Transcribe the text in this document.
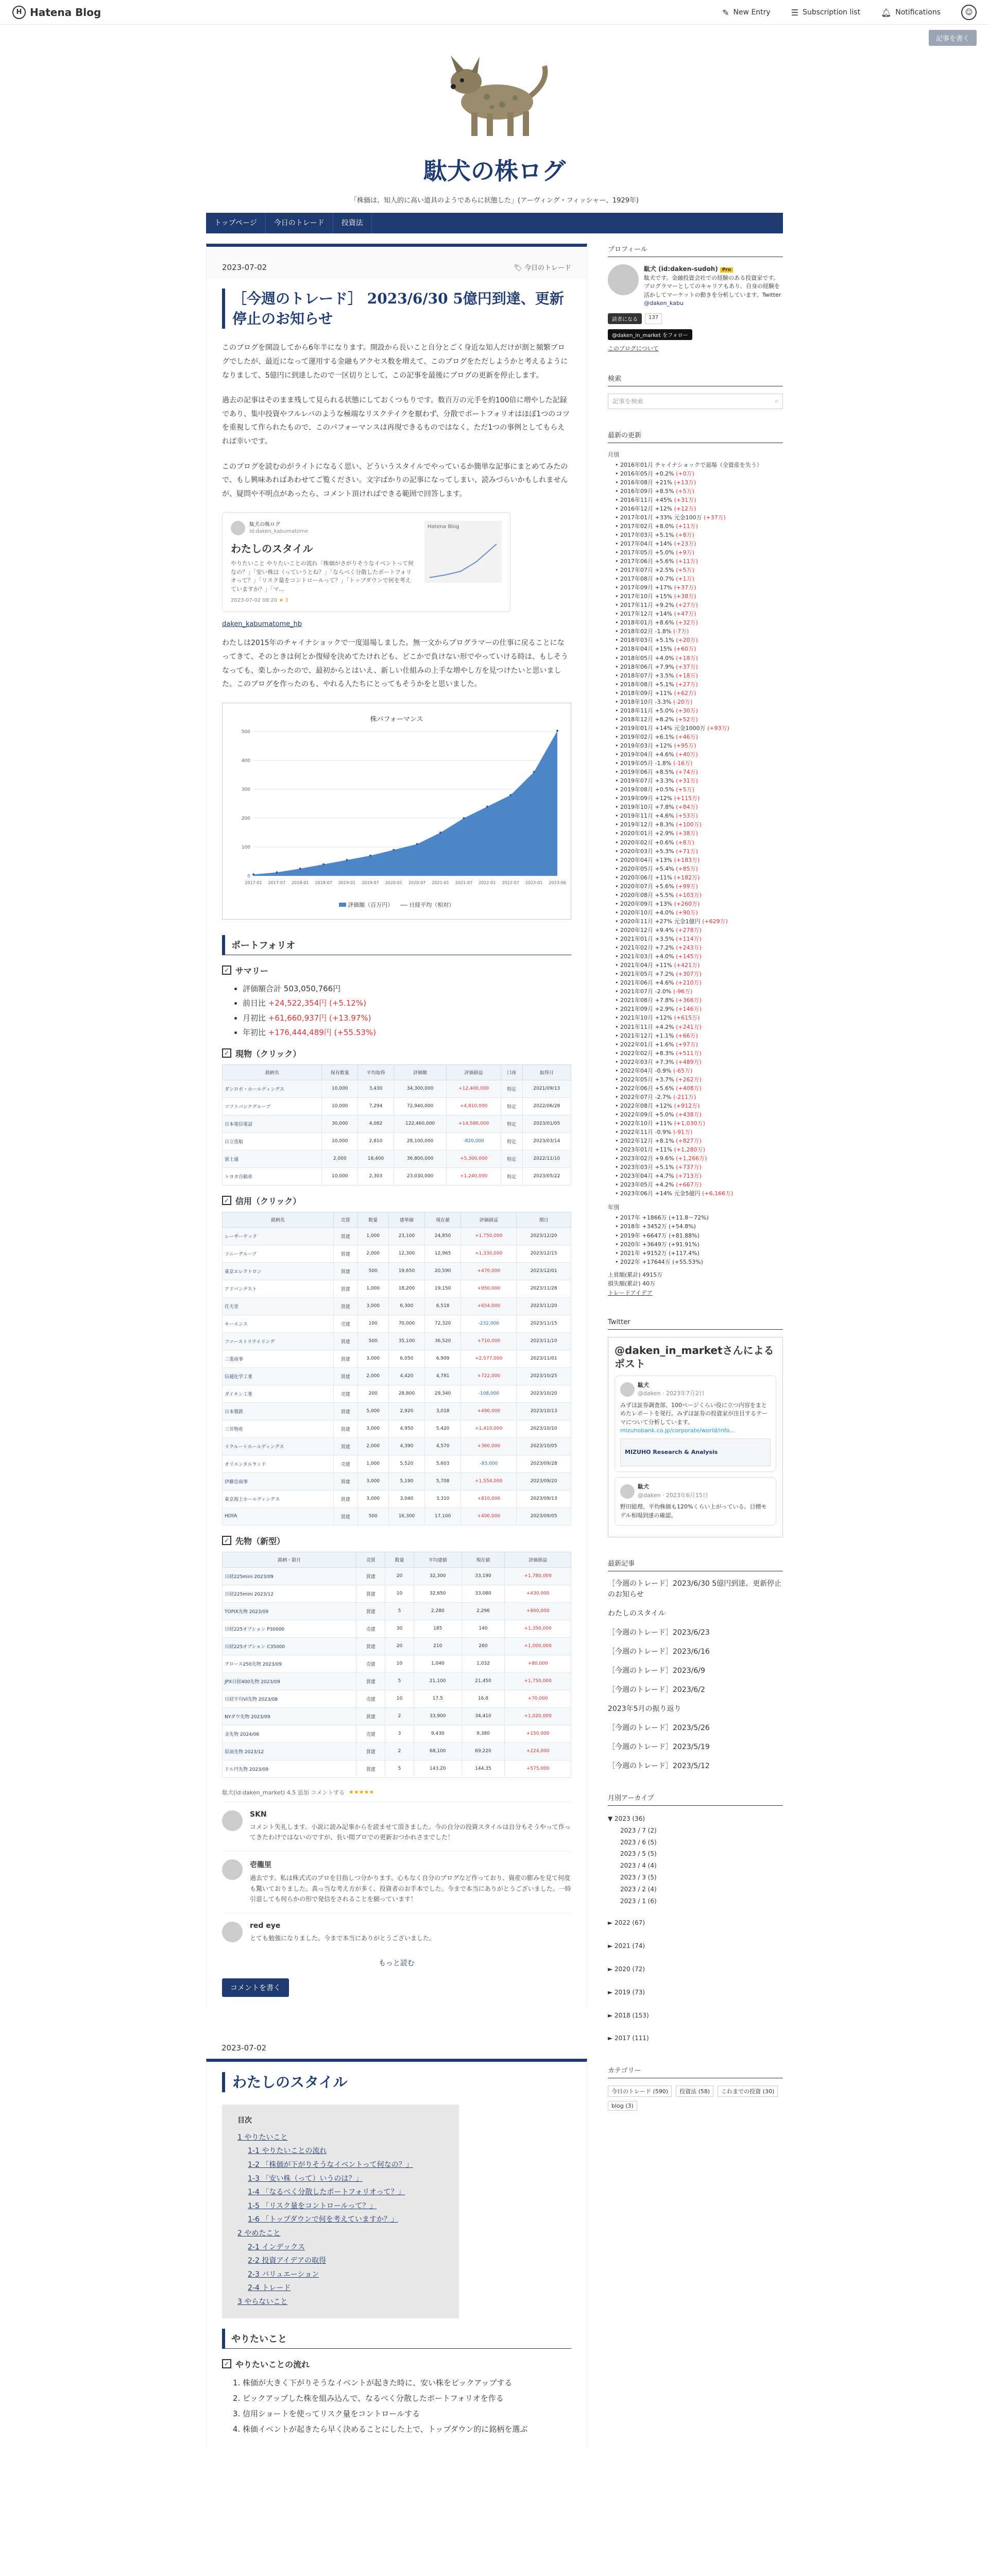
H Hatena Blog	✎ New Entry	☰ Subscription list	🔔︎ Notifications	☺
記事を書く
駄犬の株ログ
「株価は、知人的に高い道具のようであらに状態した」(アーヴィング・フィッシャー、1929年)
トップページ	今日のトレード	投資法
2023-07-02	🏷︎ 今日のトレード
［今週のトレード］ 2023/6/30 5億円到達、更新停止のお知らせ
このブログを開設してから6年半になります。開設から長いこと自分とごく身近な知人だけが割と頻繁ブログでしたが、最近になって運用する金融もアクセス数を増えて、このブログをただしようかと考えるようになりまして、5億円に到達したので一区切りとして、この記事を最後にブログの更新を停止します。
過去の記事はそのまま残して見られる状態にしておくつもりです。数百万の元手を約100倍に増やした記録であり、集中投資やフルレバのような極端なリスクテイクを厭わず、分散でポートフォリオはほぼ1つのコツを重視して作られたもので、このパフォーマンスは再現できるものではなく、ただ1つの事例としてもらえれば幸いです。
このブログを読むのがライトになるく思い、どういうスタイルでやっているか簡単な記事にまとめてみたので、もし興味あればあわせてご覧ください。文字ばかりの記事になってしまい、読みづらいかもしれませんが、疑問や不明点があったら、コメント頂ければできる範囲で回答します。
駄犬の株ログ
id:daken_kabumatome
わたしのスタイル
やりたいこと やりたいことの流れ「株価がさがりそうなイベントって何なの？」「安い株は（っていうとね？」「ならべく分散したポートフォリオって？」「リスク量をコントロールって？」「トップダウンで何を考えていますか？」「マ...
2023-07-02 08:20 ★ 3
Hatena Blog
daken_kabumatome_hb
わたしは2015年のチャイナショックで一度退場しました。無一文からプログラマーの仕事に戻ることになってきて、そのときは何とか復帰を決めてたけれども、どこかで負けない形でやっていける時は、もしそうなっても、楽しかったので、最初からとはいえ、新しい仕組みの上手な増やし方を見つけたいと思いました。このブログを作ったのも、やれる人たちにとってもそうかをと思いました。
株パフォーマンス
0
100
200
300
400
500
2017-01 2017-07 2018-01 2018-07 2019-01 2019-07 2020-01 2020-07 2021-01 2021-07 2022-01 2022-07 2023-01 2023-06
評価額（百万円）	日経平均（相対）
ポートフォリオ
✓ サマリー
• 評価額合計 503,050,766円
• 前日比 +24,522,354円 (+5.12%)
• 月初比 +61,660,937円 (+13.97%)
• 年初比 +176,444,489円 (+55.53%)
✓ 現物（クリック）
銘柄名	保有数量	平均取得	評価額	評価損益	口座	取得日
ダンロポ・ホールディングス	10,000	3,430	34,300,000	+12,400,000	特定	2021/09/13
ソフトバンクグループ	10,000	7,294	72,940,000	+4,810,000	特定	2022/06/28
日本電信電話	30,000	4,082	122,460,000	+14,580,000	特定	2023/01/05
日立造船	10,000	2,810	28,100,000	-820,000	特定	2023/03/14
富士通	2,000	18,400	36,800,000	+5,300,000	特定	2022/11/10
トヨタ自動車	10,000	2,303	23,030,000	+1,240,000	特定	2023/05/22
✓ 信用（クリック）
銘柄名	売買	数量	建単価	現在値	評価損益	期日
レーザーテック	買建	1,000	23,100	24,850	+1,750,000	2023/12/20
ソニーグループ	買建	2,000	12,300	12,965	+1,330,000	2023/12/15
東京エレクトロン	買建	500	19,650	20,590	+470,000	2023/12/01
アドバンテスト	買建	1,000	18,200	19,150	+950,000	2023/11/28
任天堂	買建	3,000	6,300	6,518	+654,000	2023/11/20
キーエンス	売建	100	70,000	72,320	-232,000	2023/11/15
ファーストリテイリング	買建	500	35,100	36,520	+710,000	2023/11/10
三菱商事	買建	3,000	6,050	6,909	+2,577,000	2023/11/01
信越化学工業	買建	2,000	4,420	4,781	+722,000	2023/10/25
ダイキン工業	売建	200	28,800	29,340	-108,000	2023/10/20
日本製鉄	買建	5,000	2,920	3,018	+490,000	2023/10/13
三井物産	買建	3,000	4,950	5,420	+1,410,000	2023/10/10
リクルートホールディングス	買建	2,000	4,390	4,570	+360,000	2023/10/05
オリエンタルランド	売建	1,000	5,520	5,603	-83,000	2023/09/28
伊藤忠商事	買建	3,000	5,190	5,708	+1,554,000	2023/09/20
東京海上ホールディングス	買建	3,000	3,040	3,310	+810,000	2023/09/13
HOYA	買建	500	16,300	17,100	+400,000	2023/09/05
✓ 先物（新型）
銘柄・限月	売買	数量	平均建値	現在値	評価損益
日経225mini 2023/09	買建	20	32,300	33,190	+1,780,000
日経225mini 2023/12	買建	10	32,650	33,080	+430,000
TOPIX先物 2023/09	買建	5	2,280	2,296	+800,000
日経225オプション P30000	売建	30	185	140	+1,350,000
日経225オプション C35000	買建	20	210	260	+1,000,000
グロース250先物 2023/09	売建	10	1,040	1,032	+80,000
JPX日経400先物 2023/09	買建	5	21,100	21,450	+1,750,000
日経平均VI先物 2023/08	売建	10	17.5	16.8	+70,000
NYダウ先物 2023/09	買建	2	33,900	34,410	+1,020,000
金先物 2024/06	売建	3	9,430	9,380	+150,000
原油先物 2023/12	買建	2	68,100	69,220	+224,000
ドル円先物 2023/09	買建	5	143.20	144.35	+575,000
駄犬(id:daken_market) 4.5 追加 コメントする ★★★★★
SKN
コメント失礼します。小説に読み記事からを読ませて頂きました。今の自分の投資スタイルは自分もそうやって作ってきたわけではないのですが、長い間プロでの更新おつかれさまでした！
壱龍里
過去です。私は株式式のプロを目指しつ分かります。心もなく自分のブログなど作っており、資産の膨みを見て何度も驚いておりました。真っ当な考え方が多く、投資者のお手本でした。今まで本当にありがとうございました。一時引退しても何らかの形で発信をされることを願っています！
red eye
とても勉強になりました。今まで本当にありがとうございました。
もっと読む
コメントを書く
2023-07-02
わたしのスタイル
目次
1 やりたいこと
1-1 やりたいことの流れ
1-2 「株価が下がりそうなイベントって何なの？」
1-3 「安い株（って）いうのは？」
1-4 「なるべく分散したポートフォリオって？」
1-5 「リスク量をコントロールって？」
1-6 「トップダウンで何を考えていますか？」
2 やめたこと
2-1 インデックス
2-2 投資アイデアの取得
2-3 バリュエーション
2-4 トレード
3 やらないこと
やりたいこと
✓ やりたいことの流れ
1. 株価が大きく下がりそうなイベントが起きた時に、安い株をピックアップする
2. ピックアップした株を組み込んで、なるべく分散したポートフォリオを作る
3. 信用ショートを使ってリスク量をコントロールする
4. 株価イベントが起きたら早く決めることにした上で、トップダウン的に銘柄を選ぶ
プロフィール
駄犬 (id:daken-sudoh) Pro
駄犬です。金融投資会社での経験のある投資家です。プログラマーとしてのキャリアもあり、自身の経験を活かしてマーケットの動きを分析しています。Twitter
@daken_kabu
読者になる	137
@daken_in_market をフォロー
このブログについて
検索
記事を検索	⌕
最新の更新
月別
• 2016年01月 チャイナショックで退場（全資産を失う）
• 2016年05月 +0.2% (+0万)
• 2016年08月 +21% (+13万)
• 2016年09月 +8.5% (+5万)
• 2016年11月 +45% (+31万)
• 2016年12月 +12% (+12万)
• 2017年01月 +33% 元金100万 (+37万)
• 2017年02月 +8.0% (+11万)
• 2017年03月 +5.1% (+8万)
• 2017年04月 +14% (+23万)
• 2017年05月 +5.0% (+9万)
• 2017年06月 +5.6% (+11万)
• 2017年07月 +2.5% (+5万)
• 2017年08月 +0.7% (+1万)
• 2017年09月 +17% (+37万)
• 2017年10月 +15% (+38万)
• 2017年11月 +9.2% (+27万)
• 2017年12月 +14% (+47万)
• 2018年01月 +8.6% (+32万)
• 2018年02月 -1.8% (-7万)
• 2018年03月 +5.1% (+20万)
• 2018年04月 +15% (+60万)
• 2018年05月 +4.0% (+18万)
• 2018年06月 +7.9% (+37万)
• 2018年07月 +3.5% (+18万)
• 2018年08月 +5.1% (+27万)
• 2018年09月 +11% (+62万)
• 2018年10月 -3.3% (-20万)
• 2018年11月 +5.0% (+30万)
• 2018年12月 +8.2% (+52万)
• 2019年01月 +14% 元金1000万 (+93万)
• 2019年02月 +6.1% (+46万)
• 2019年03月 +12% (+95万)
• 2019年04月 +4.6% (+40万)
• 2019年05月 -1.8% (-16万)
• 2019年06月 +8.5% (+74万)
• 2019年07月 +3.3% (+31万)
• 2019年08月 +0.5% (+5万)
• 2019年09月 +12% (+115万)
• 2019年10月 +7.8% (+84万)
• 2019年11月 +4.6% (+53万)
• 2019年12月 +8.3% (+100万)
• 2020年01月 +2.9% (+38万)
• 2020年02月 +0.6% (+8万)
• 2020年03月 +5.3% (+71万)
• 2020年04月 +13% (+183万)
• 2020年05月 +5.4% (+85万)
• 2020年06月 +11% (+182万)
• 2020年07月 +5.6% (+99万)
• 2020年08月 +5.5% (+103万)
• 2020年09月 +13% (+260万)
• 2020年10月 +4.0% (+90万)
• 2020年11月 +27% 元金1億円 (+629万)
• 2020年12月 +9.4% (+278万)
• 2021年01月 +3.5% (+114万)
• 2021年02月 +7.2% (+243万)
• 2021年03月 +4.0% (+145万)
• 2021年04月 +11% (+421万)
• 2021年05月 +7.2% (+307万)
• 2021年06月 +4.6% (+210万)
• 2021年07月 -2.0% (-96万)
• 2021年08月 +7.8% (+366万)
• 2021年09月 +2.9% (+146万)
• 2021年10月 +12% (+615万)
• 2021年11月 +4.2% (+241万)
• 2021年12月 +1.1% (+66万)
• 2022年01月 +1.6% (+97万)
• 2022年02月 +8.3% (+511万)
• 2022年03月 +7.3% (+489万)
• 2022年04月 -0.9% (-65万)
• 2022年05月 +3.7% (+262万)
• 2022年06月 +5.6% (+408万)
• 2022年07月 -2.7% (-211万)
• 2022年08月 +12% (+912万)
• 2022年09月 +5.0% (+438万)
• 2022年10月 +11% (+1,030万)
• 2022年11月 -0.9% (-91万)
• 2022年12月 +8.1% (+827万)
• 2023年01月 +11% (+1,280万)
• 2023年02月 +9.6% (+1,266万)
• 2023年03月 +5.1% (+737万)
• 2023年04月 +4.7% (+713万)
• 2023年05月 +4.2% (+667万)
• 2023年06月 +14% 元金5億円 (+6,166万)
年別
• 2017年 +1866万 (+11.8〜72%)
• 2018年 +3452万 (+54.8%)
• 2019年 +6647万 (+81.88%)
• 2020年 +3649万 (+91.91%)
• 2021年 +9152万 (+117.4%)
• 2022年 +17644万 (+55.53%)
上昇額(累計) 4915万
損失額(累計) 40万
トレードアイデア
Twitter
@daken_in_marketさんによるポスト
駄犬
@daken · 2023年7月2日
みずほ証券調査部、100ページくらい役に立つ内容をまとめたレポートを発行。みずほ証券の投資家が注目するテーマについて分析しています。
mizuhobank.co.jp/corporate/world/info...
MIZUHO Research & Analysis
駄犬
@daken · 2023年6月15日
野田総理、平均株価も120%くらい上がっている。目標モデル相場到達の確認。
最新記事
［今週のトレード］2023/6/30 5億円到達、更新停止のお知らせ
わたしのスタイル
［今週のトレード］2023/6/23
［今週のトレード］2023/6/16
［今週のトレード］2023/6/9
［今週のトレード］2023/6/2
2023年5月の振り返り
［今週のトレード］2023/5/26
［今週のトレード］2023/5/19
［今週のトレード］2023/5/12
月別アーカイブ
▼ 2023 (36)
2023 / 7 (2)
2023 / 6 (5)
2023 / 5 (5)
2023 / 4 (4)
2023 / 3 (5)
2023 / 2 (4)
2023 / 1 (6)
► 2022 (67)
► 2021 (74)
► 2020 (72)
► 2019 (73)
► 2018 (153)
► 2017 (111)
カテゴリー
今日のトレード (590)	投資法 (58)	これまでの投資 (30)
blog (3)
